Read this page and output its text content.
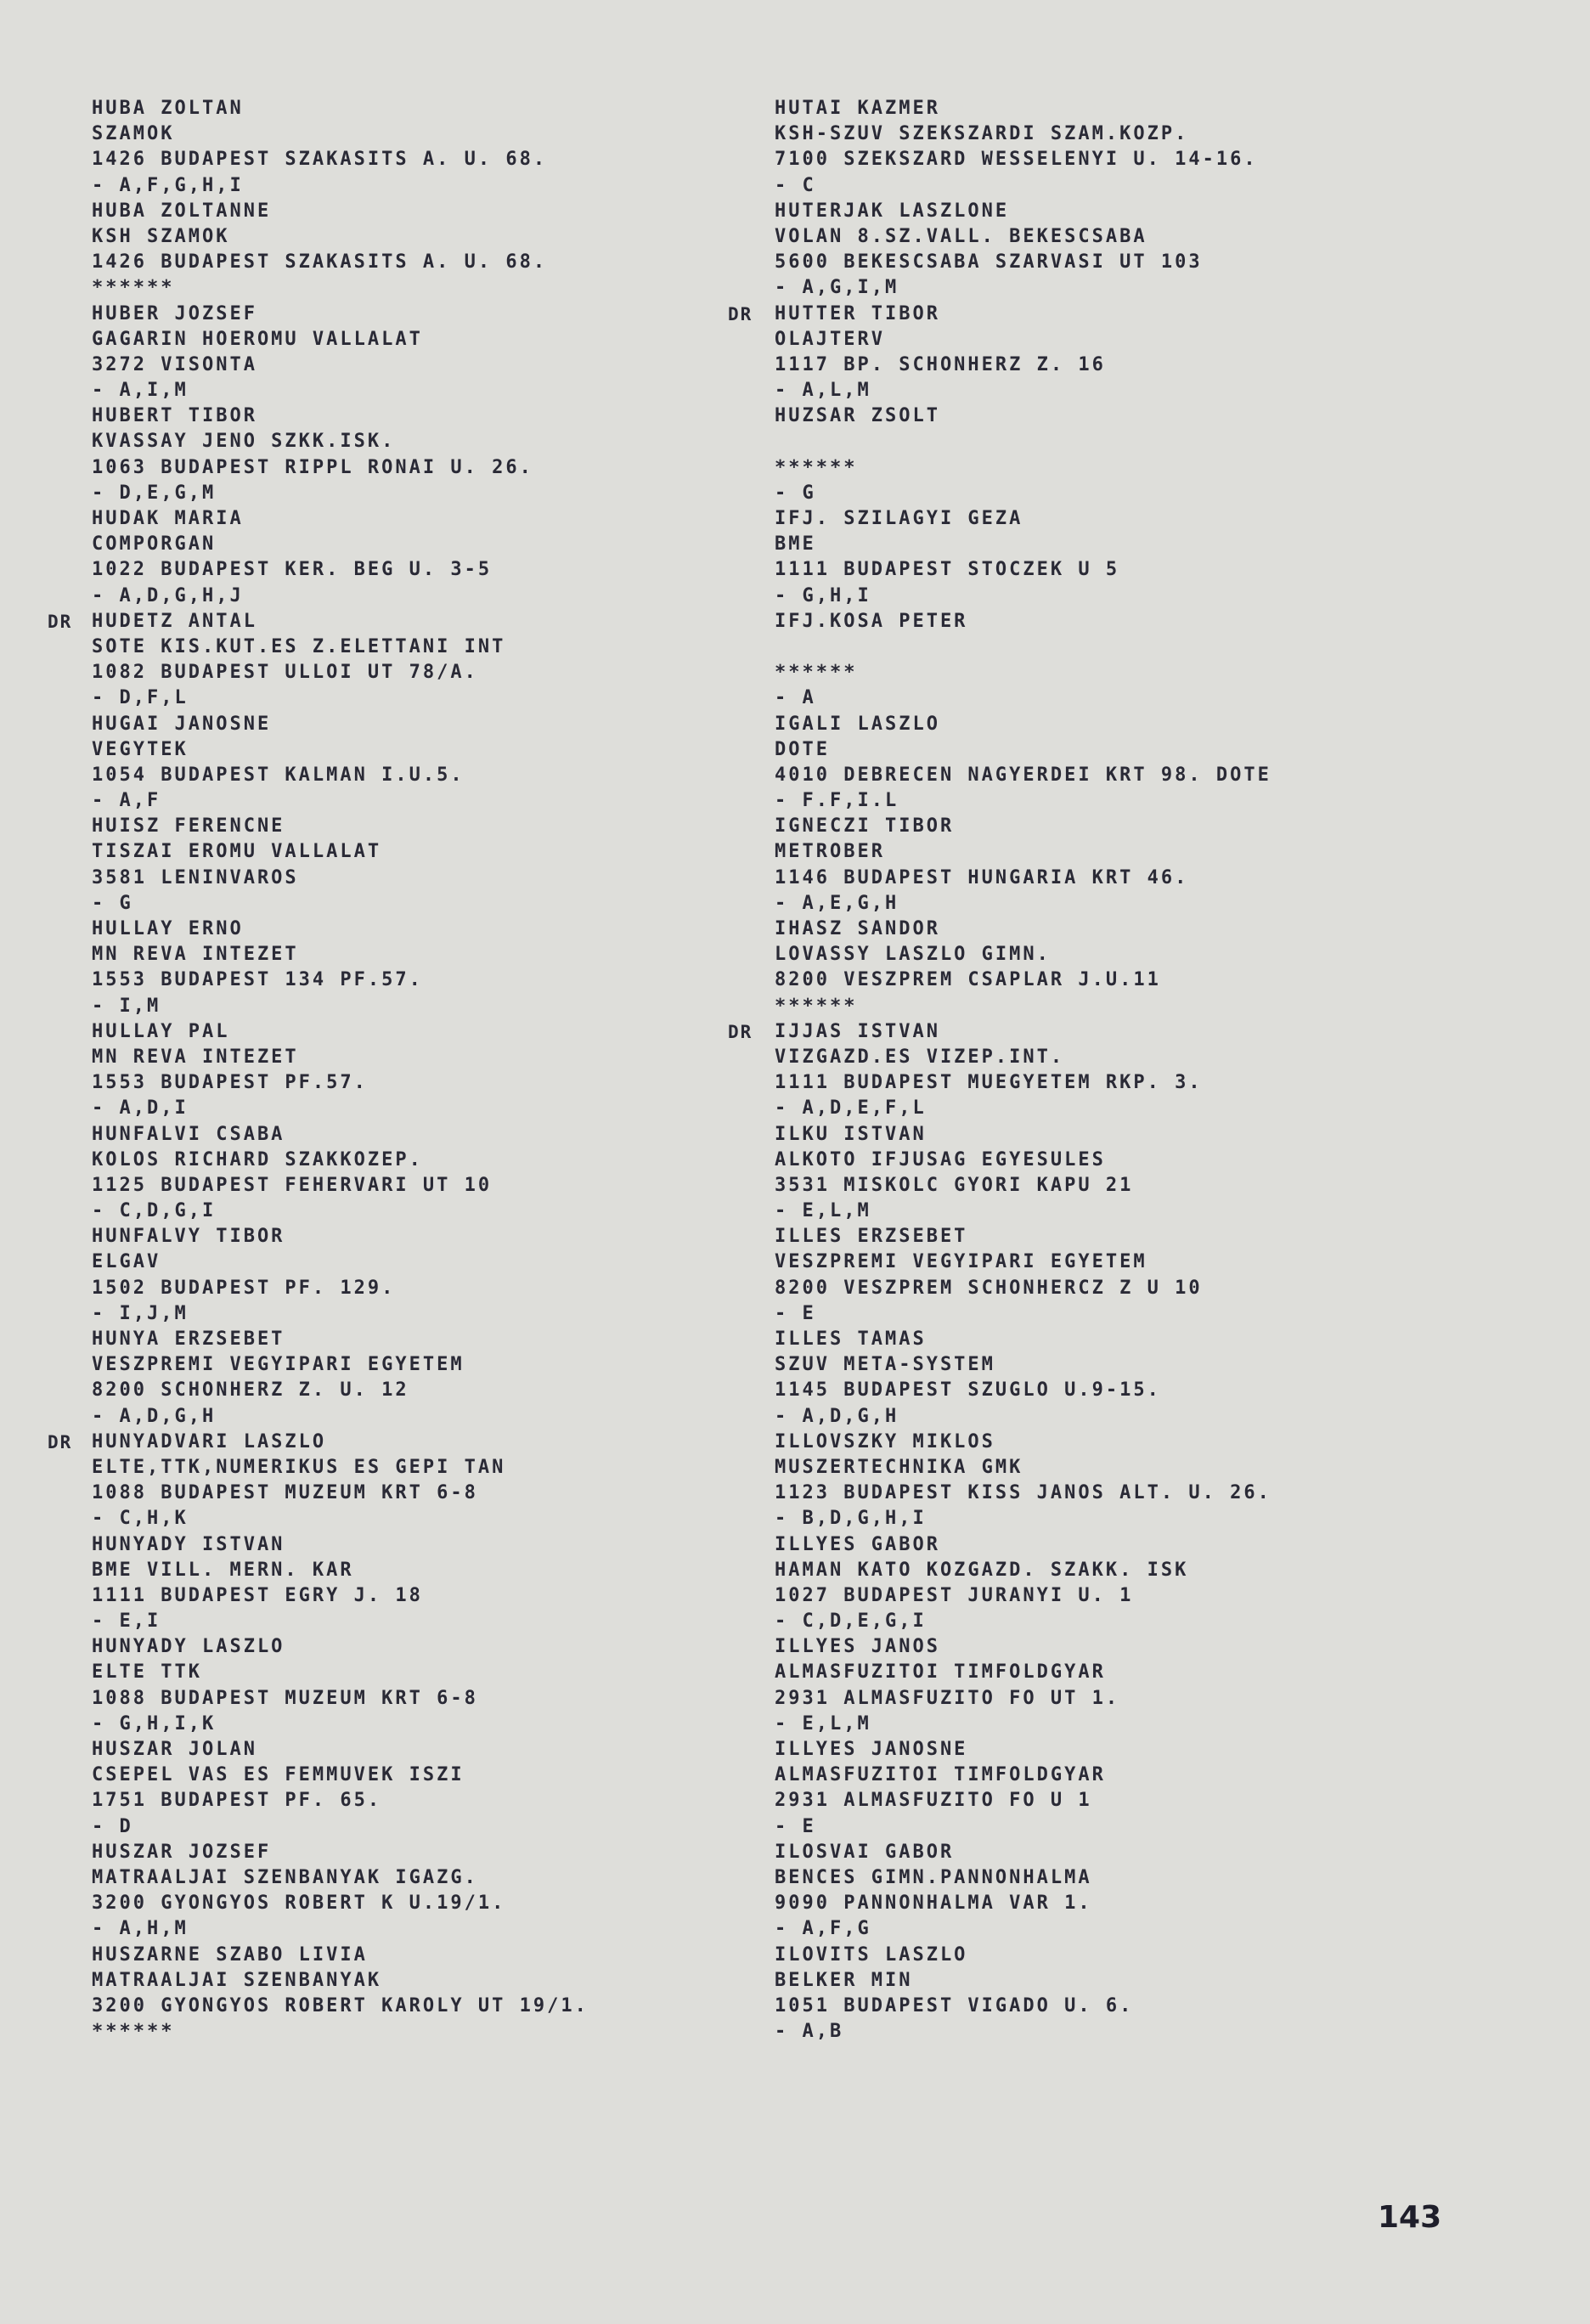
HUBA ZOLTAN
SZAMOK
1426 BUDAPEST SZAKASITS A. U. 68.
- A,F,G,H,I
HUBA ZOLTANNE
KSH SZAMOK
1426 BUDAPEST SZAKASITS A. U. 68.
******
HUBER JOZSEF
GAGARIN HOEROMU VALLALAT
3272 VISONTA
- A,I,M
HUBERT TIBOR
KVASSAY JENO SZKK.ISK.
1063 BUDAPEST RIPPL RONAI U. 26.
- D,E,G,M
HUDAK MARIA
COMPORGAN
1022 BUDAPEST KER. BEG U. 3-5
- A,D,G,H,J
DR HUDETZ ANTAL
SOTE KIS.KUT.ES Z.ELETTANI INT
1082 BUDAPEST ULLOI UT 78/A.
- D,F,L
HUGAI JANOSNE
VEGYTEK
1054 BUDAPEST KALMAN I.U.5.
- A,F
HUISZ FERENCNE
TISZAI EROMU VALLALAT
3581 LENINVAROS
- G
HULLAY ERNO
MN REVA INTEZET
1553 BUDAPEST 134 PF.57.
- I,M
HULLAY PAL
MN REVA INTEZET
1553 BUDAPEST PF.57.
- A,D,I
HUNFALVI CSABA
KOLOS RICHARD SZAKKOZEP.
1125 BUDAPEST FEHERVARI UT 10
- C,D,G,I
HUNFALVY TIBOR
ELGAV
1502 BUDAPEST PF. 129.
- I,J,M
HUNYA ERZSEBET
VESZPREMI VEGYIPARI EGYETEM
8200 SCHONHERZ Z. U. 12
- A,D,G,H
DR HUNYADVARI LASZLO
ELTE,TTK,NUMERIKUS ES GEPI TAN
1088 BUDAPEST MUZEUM KRT 6-8
- C,H,K
HUNYADY ISTVAN
BME VILL. MERN. KAR
1111 BUDAPEST EGRY J. 18
- E,I
HUNYADY LASZLO
ELTE TTK
1088 BUDAPEST MUZEUM KRT 6-8
- G,H,I,K
HUSZAR JOLAN
CSEPEL VAS ES FEMMUVEK ISZI
1751 BUDAPEST PF. 65.
- D
HUSZAR JOZSEF
MATRAALJAI SZENBANYAK IGAZG.
3200 GYONGYOS ROBERT K U.19/1.
- A,H,M
HUSZARNE SZABO LIVIA
MATRAALJAI SZENBANYAK
3200 GYONGYOS ROBERT KAROLY UT 19/1.
******
HUTAI KAZMER
KSH-SZUV SZEKSZARDI SZAM.KOZP.
7100 SZEKSZARD WESSELENYI U. 14-16.
- C
HUTERJAK LASZLONE
VOLAN 8.SZ.VALL. BEKESCSABA
5600 BEKESCSABA SZARVASI UT 103
- A,G,I,M
DR HUTTER TIBOR
OLAJTERV
1117 BP. SCHONHERZ Z. 16
- A,L,M
HUZSAR ZSOLT
******
- G
IFJ. SZILAGYI GEZA
BME
1111 BUDAPEST STOCZEK U 5
- G,H,I
IFJ.KOSA PETER
******
- A
IGALI LASZLO
DOTE
4010 DEBRECEN NAGYERDEI KRT 98. DOTE
- F.F,I.L
IGNECZI TIBOR
METROBER
1146 BUDAPEST HUNGARIA KRT 46.
- A,E,G,H
IHASZ SANDOR
LOVASSY LASZLO GIMN.
8200 VESZPREM CSAPLAR J.U.11
******
DR IJJAS ISTVAN
VIZGAZD.ES VIZEP.INT.
1111 BUDAPEST MUEGYETEM RKP. 3.
- A,D,E,F,L
ILKU ISTVAN
ALKOTO IFJUSAG EGYESULES
3531 MISKOLC GYORI KAPU 21
- E,L,M
ILLES ERZSEBET
VESZPREMI VEGYIPARI EGYETEM
8200 VESZPREM SCHONHERCZ Z U 10
- E
ILLES TAMAS
SZUV META-SYSTEM
1145 BUDAPEST SZUGLO U.9-15.
- A,D,G,H
ILLOVSZKY MIKLOS
MUSZERTECHNIKA GMK
1123 BUDAPEST KISS JANOS ALT. U. 26.
- B,D,G,H,I
ILLYES GABOR
HAMAN KATO KOZGAZD. SZAKK. ISK
1027 BUDAPEST JURANYI U. 1
- C,D,E,G,I
ILLYES JANOS
ALMASFUZITOI TIMFOLDGYAR
2931 ALMASFUZITO FO UT 1.
- E,L,M
ILLYES JANOSNE
ALMASFUZITOI TIMFOLDGYAR
2931 ALMASFUZITO FO U 1
- E
ILOSVAI GABOR
BENCES GIMN.PANNONHALMA
9090 PANNONHALMA VAR 1.
- A,F,G
ILOVITS LASZLO
BELKER MIN
1051 BUDAPEST VIGADO U. 6.
- A,B
143
